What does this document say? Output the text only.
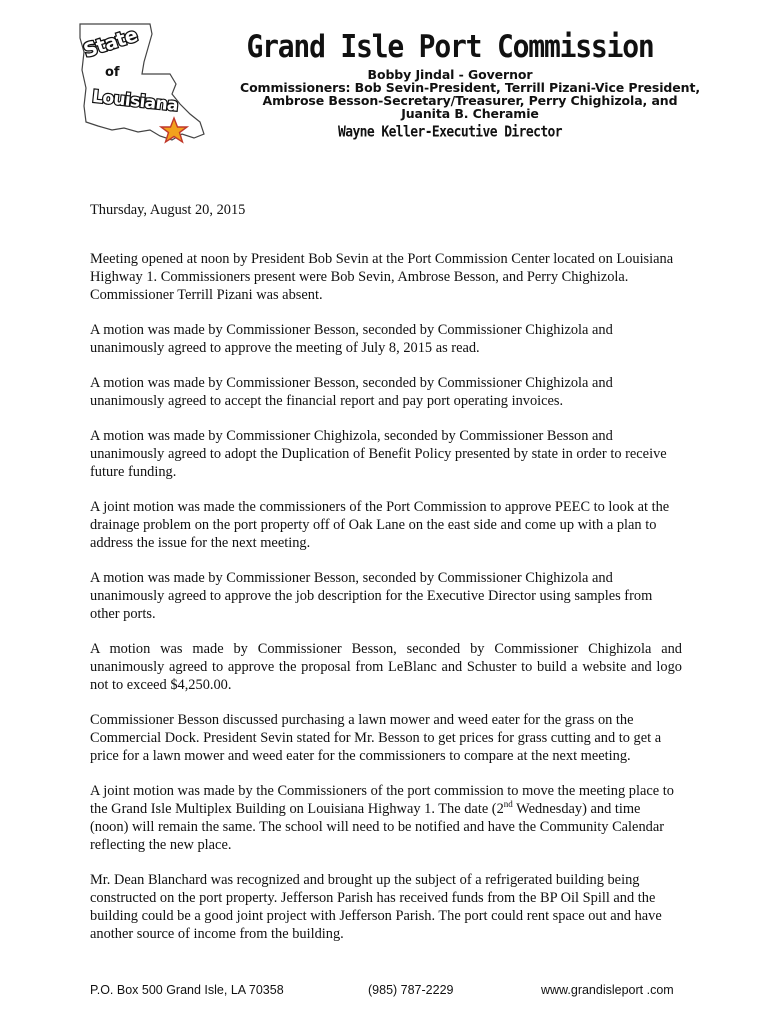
State
of
Louisiana
Grand Isle Port Commission
Bobby Jindal - Governor
Commissioners: Bob Sevin-President, Terrill Pizani-Vice President,
Ambrose Besson-Secretary/Treasurer, Perry Chighizola, and
Juanita B. Cheramie
Wayne Keller-Executive Director

Thursday, August 20, 2015

Meeting opened at noon by President Bob Sevin at the Port Commission Center located on Louisiana Highway 1. Commissioners present were Bob Sevin, Ambrose Besson, and Perry Chighizola. Commissioner Terrill Pizani was absent.

A motion was made by Commissioner Besson, seconded by Commissioner Chighizola and unanimously agreed to approve the meeting of July 8, 2015 as read.

A motion was made by Commissioner Besson, seconded by Commissioner Chighizola and unanimously agreed to accept the financial report and pay port operating invoices.

A motion was made by Commissioner Chighizola, seconded by Commissioner Besson and unanimously agreed to adopt the Duplication of Benefit Policy presented by state in order to receive future funding.

A joint motion was made the commissioners of the Port Commission to approve PEEC to look at the drainage problem on the port property off of Oak Lane on the east side and come up with a plan to address the issue for the next meeting.

A motion was made by Commissioner Besson, seconded by Commissioner Chighizola and unanimously agreed to approve the job description for the Executive Director using samples from other ports.

A motion was made by Commissioner Besson, seconded by Commissioner Chighizola and unanimously agreed to approve the proposal from LeBlanc and Schuster to build a website and logo not to exceed $4,250.00.

Commissioner Besson discussed purchasing a lawn mower and weed eater for the grass on the Commercial Dock. President Sevin stated for Mr. Besson to get prices for grass cutting and to get a price for a lawn mower and weed eater for the commissioners to compare at the next meeting.

A joint motion was made by the Commissioners of the port commission to move the meeting place to the Grand Isle Multiplex Building on Louisiana Highway 1. The date (2nd Wednesday) and time (noon) will remain the same. The school will need to be notified and have the Community Calendar reflecting the new place.

Mr. Dean Blanchard was recognized and brought up the subject of a refrigerated building being constructed on the port property. Jefferson Parish has received funds from the BP Oil Spill and the building could be a good joint project with Jefferson Parish. The port could rent space out and have another source of income from the building.

P.O. Box 500 Grand Isle, LA 70358	(985) 787-2229	www.grandisleport .com
